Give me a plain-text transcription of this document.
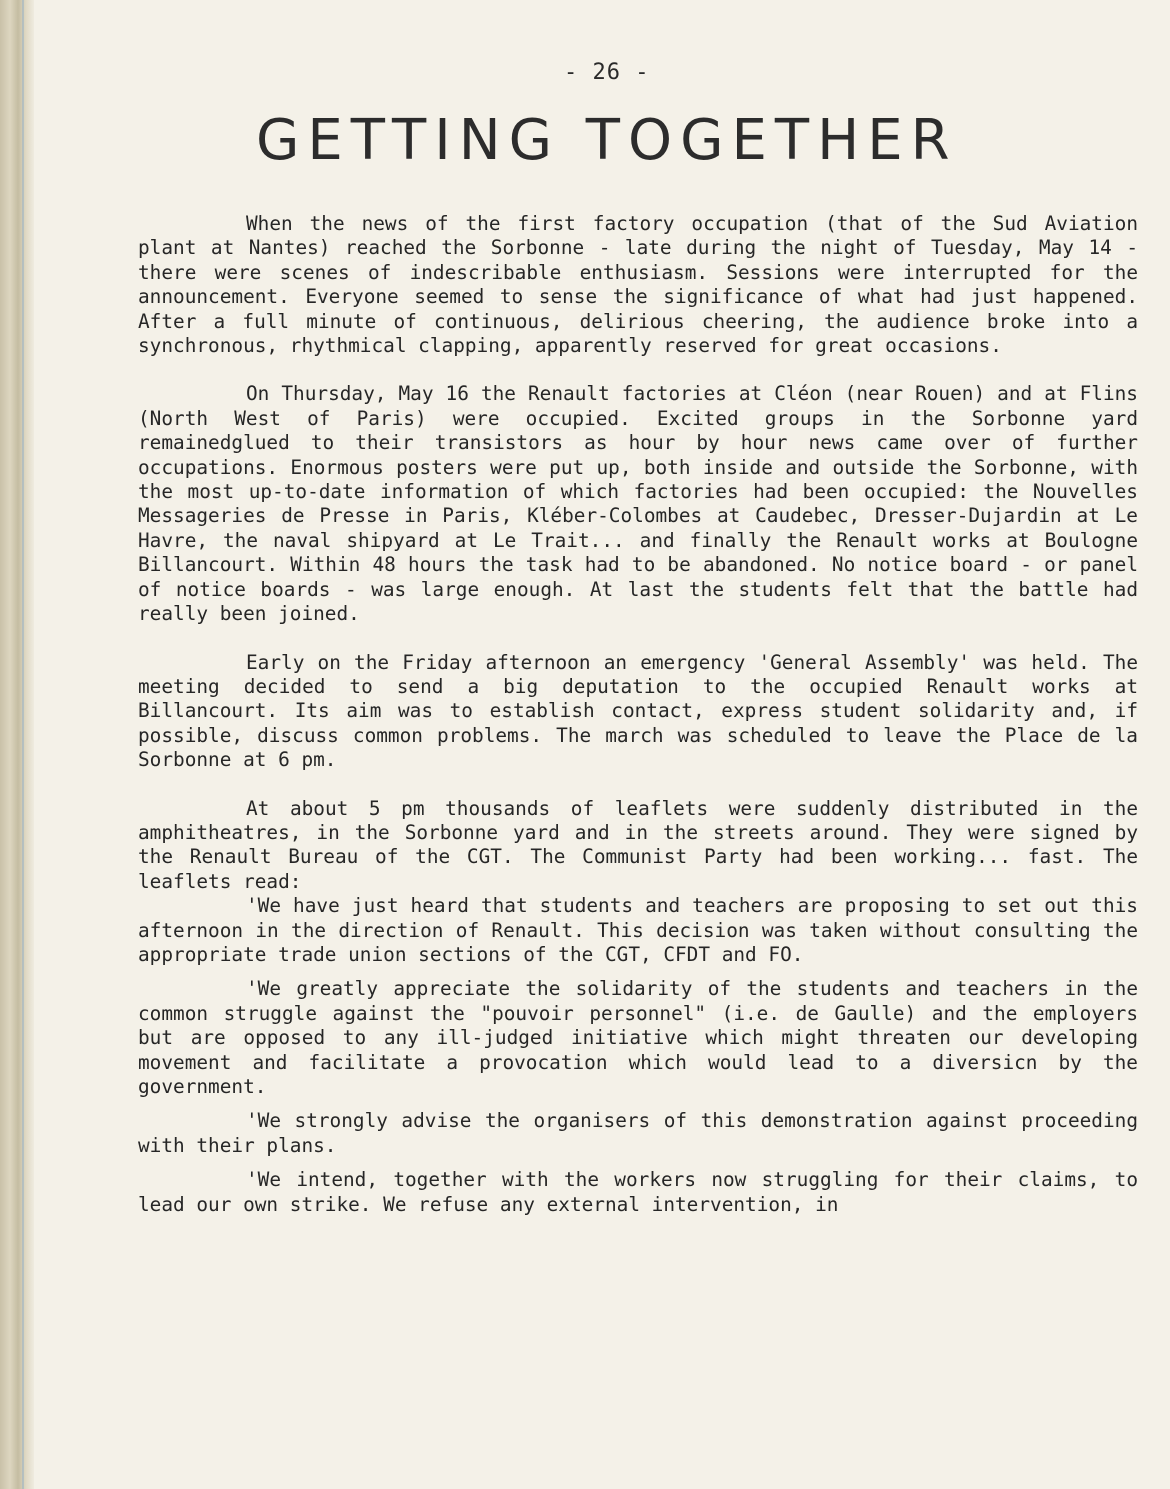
- 26 -
GETTING TOGETHER

When the news of the first factory occupation (that of the Sud Aviation plant at Nantes) reached the Sorbonne - late during the night of Tuesday, May 14 - there were scenes of indescribable enthusiasm. Sessions were interrupted for the announcement. Everyone seemed to sense the significance of what had just happened. After a full minute of continuous, delirious cheering, the audience broke into a synchronous, rhythmical clapping, apparently reserved for great occasions.

On Thursday, May 16 the Renault factories at Cléon (near Rouen) and at Flins (North West of Paris) were occupied. Excited groups in the Sorbonne yard remainedglued to their transistors as hour by hour news came over of further occupations. Enormous posters were put up, both inside and outside the Sorbonne, with the most up-to-date information of which factories had been occupied: the Nouvelles Messageries de Presse in Paris, Kléber-Colombes at Caudebec, Dresser-Dujardin at Le Havre, the naval shipyard at Le Trait... and finally the Renault works at Boulogne Billancourt. Within 48 hours the task had to be abandoned. No notice board - or panel of notice boards - was large enough. At last the students felt that the battle had really been joined.

Early on the Friday afternoon an emergency 'General Assembly' was held. The meeting decided to send a big deputation to the occupied Renault works at Billancourt. Its aim was to establish contact, express student solidarity and, if possible, discuss common problems. The march was scheduled to leave the Place de la Sorbonne at 6 pm.

At about 5 pm thousands of leaflets were suddenly distributed in the amphitheatres, in the Sorbonne yard and in the streets around. They were signed by the Renault Bureau of the CGT. The Communist Party had been working... fast. The leaflets read:

'We have just heard that students and teachers are proposing to set out this afternoon in the direction of Renault. This decision was taken without consulting the appropriate trade union sections of the CGT, CFDT and FO.

'We greatly appreciate the solidarity of the students and teachers in the common struggle against the "pouvoir personnel" (i.e. de Gaulle) and the employers but are opposed to any ill-judged initiative which might threaten our developing movement and facilitate a provocation which would lead to a diversicn by the government.

'We strongly advise the organisers of this demonstration against proceeding with their plans.

'We intend, together with the workers now struggling for their claims, to lead our own strike. We refuse any external intervention, in
